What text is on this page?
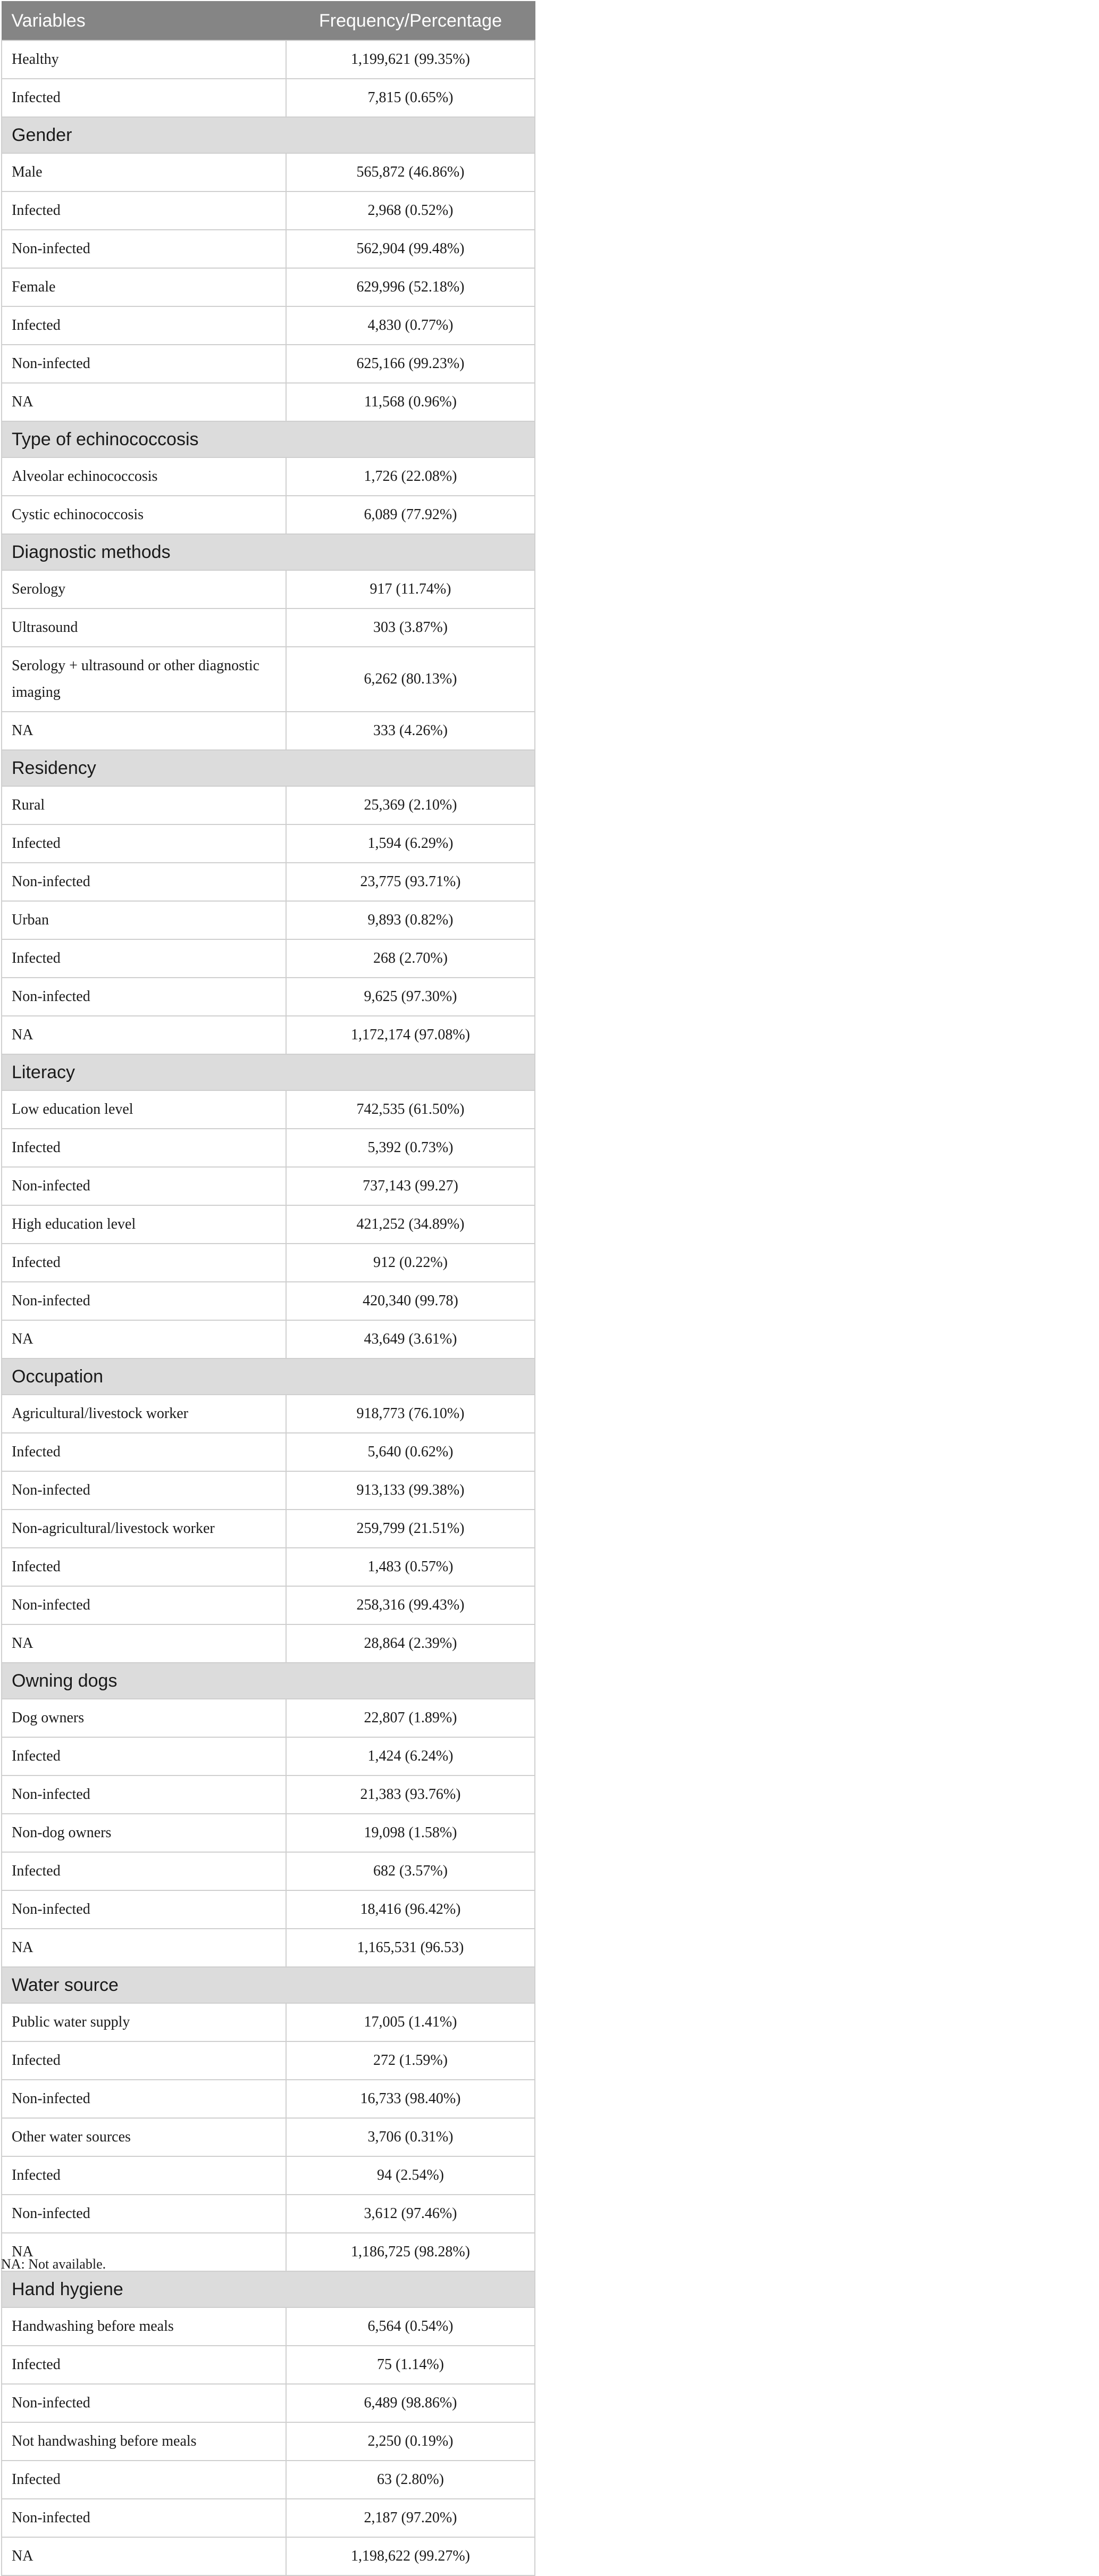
Variables	Frequency/Percentage
Healthy	1,199,621 (99.35%)
Infected	7,815 (0.65%)
Gender	
Male	565,872 (46.86%)
Infected	2,968 (0.52%)
Non-infected	562,904 (99.48%)
Female	629,996 (52.18%)
Infected	4,830 (0.77%)
Non-infected	625,166 (99.23%)
NA	11,568 (0.96%)
Type of echinococcosis	
Alveolar echinococcosis	1,726 (22.08%)
Cystic echinococcosis	6,089 (77.92%)
Diagnostic methods	
Serology	917 (11.74%)
Ultrasound	303 (3.87%)
Serology + ultrasound or other diagnostic imaging	6,262 (80.13%)
NA	333 (4.26%)
Residency	
Rural	25,369 (2.10%)
Infected	1,594 (6.29%)
Non-infected	23,775 (93.71%)
Urban	9,893 (0.82%)
Infected	268 (2.70%)
Non-infected	9,625 (97.30%)
NA	1,172,174 (97.08%)
Literacy	
Low education level	742,535 (61.50%)
Infected	5,392 (0.73%)
Non-infected	737,143 (99.27)
High education level	421,252 (34.89%)
Infected	912 (0.22%)
Non-infected	420,340 (99.78)
NA	43,649 (3.61%)
Occupation	
Agricultural/livestock worker	918,773 (76.10%)
Infected	5,640 (0.62%)
Non-infected	913,133 (99.38%)
Non-agricultural/livestock worker	259,799 (21.51%)
Infected	1,483 (0.57%)
Non-infected	258,316 (99.43%)
NA	28,864 (2.39%)
Owning dogs	
Dog owners	22,807 (1.89%)
Infected	1,424 (6.24%)
Non-infected	21,383 (93.76%)
Non-dog owners	19,098 (1.58%)
Infected	682 (3.57%)
Non-infected	18,416 (96.42%)
NA	1,165,531 (96.53)
Water source	
Public water supply	17,005 (1.41%)
Infected	272 (1.59%)
Non-infected	16,733 (98.40%)
Other water sources	3,706 (0.31%)
Infected	94 (2.54%)
Non-infected	3,612 (97.46%)
NA	1,186,725 (98.28%)
Hand hygiene	
Handwashing before meals	6,564 (0.54%)
Infected	75 (1.14%)
Non-infected	6,489 (98.86%)
Not handwashing before meals	2,250 (0.19%)
Infected	63 (2.80%)
Non-infected	2,187 (97.20%)
NA	1,198,622 (99.27%)
NA: Not available.
